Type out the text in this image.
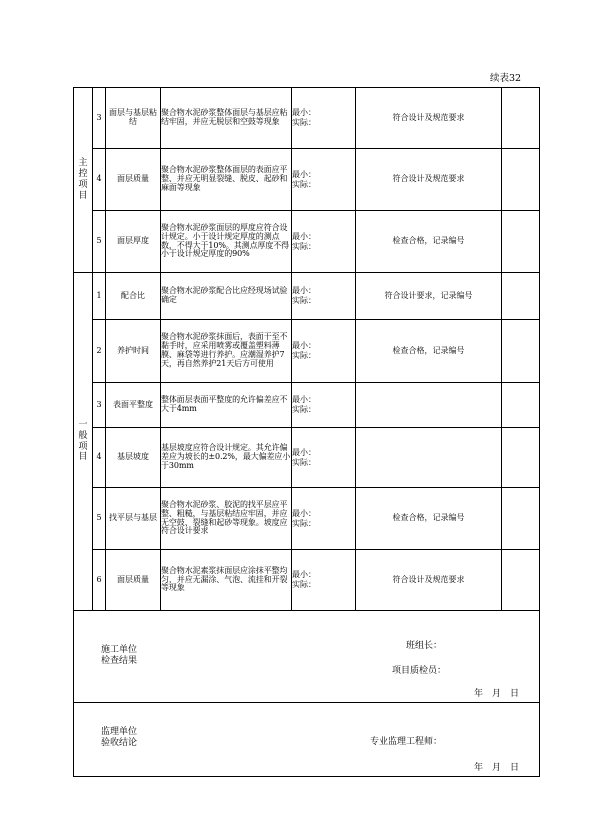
续表32
主控项目	3	面层与基层粘结	聚合物水泥砂浆整体面层与基层应粘结牢固，并应无脱层和空鼓等现象	最小：
实际：	符合设计及规范要求	
	4	面层质量	聚合物水泥砂浆整体面层的表面应平整、并应无明显裂缝、脱皮、起砂和麻面等现象	最小：
实际：	符合设计及规范要求	
	5	面层厚度	聚合物水泥砂浆面层的厚度应符合设计规定。小于设计规定厚度的测点数，不得大于10%。其测点厚度不得小于设计规定厚度的90%	最小：
实际：	检查合格，记录编号	
一般项目	1	配合比	聚合物水泥砂浆配合比应经现场试验确定	最小：
实际：	符合设计要求，记录编号	
	2	养护时间	聚合物水泥砂浆抹面后，表面干至不黏手时，应采用喷雾或覆盖塑料薄膜、麻袋等进行养护。应潮湿养护7天，再自然养护21天后方可使用	最小：
实际：	检查合格，记录编号	
	3	表面平整度	整体面层表面平整度的允许偏差应不大于4mm	最小：
实际：		

	4	基层坡度	基层坡度应符合设计规定。其允许偏差应为坡长的±0.2%，最大偏差应小于30mm	最小：
实际：		

	5	找平层与基层	聚合物水泥砂浆、胶泥的找平层应平整、粗糙，与基层粘结应牢固，并应无空鼓、裂缝和起砂等现象。坡度应符合设计要求	最小：
实际：	检查合格，记录编号	
	6	面层质量	聚合物水泥素浆抹面层应涂抹平整均匀，并应无漏涂、气泡、流挂和开裂等现象	最小：
实际：	符合设计及规范要求	

施工单位
检查结果
班组长：
项目质检员：
年　月　日						

监理单位
验收结论 专业监理工程师：
年　月　日						
